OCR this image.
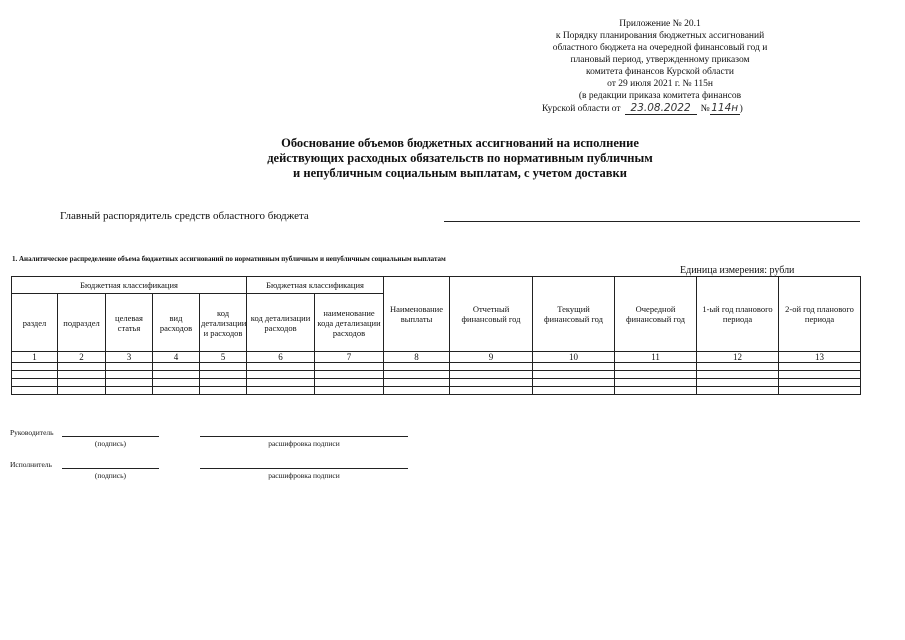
Приложение № 20.1
к Порядку планирования бюджетных ассигнований
областного бюджета на очередной финансовый год и
плановый период, утвержденному приказом
комитета финансов Курской области
от 29 июля 2021 г. № 115н
(в редакции приказа комитета финансов
Курской области от 23.08.2022 № 114н )
Обоснование объемов бюджетных ассигнований на исполнение
действующих расходных обязательств по нормативным публичным
и непубличным социальным выплатам, с учетом доставки
Главный распорядитель средств областного бюджета
1. Аналитическое распределение объема бюджетных ассигнований по нормативным публичным и непубличным социальным выплатам
Единица измерения: рубли
Бюджетная классификация					Бюджетная классификация		Наименование выплаты	Отчетный финансовый год	Текущий финансовый год	Очередной финансовый год	1-ый год планового периода	2-ой год планового периода
раздел	подраздел	целевая статья	вид расходов	код детализации и расходов	код детализации расходов	наименование кода детализации расходов						
1	2	3	4	5	6	7	8	9	10	11	12	13

Руководитель
(подпись)	расшифровка подписи
Исполнитель
(подпись)	расшифровка подписи
